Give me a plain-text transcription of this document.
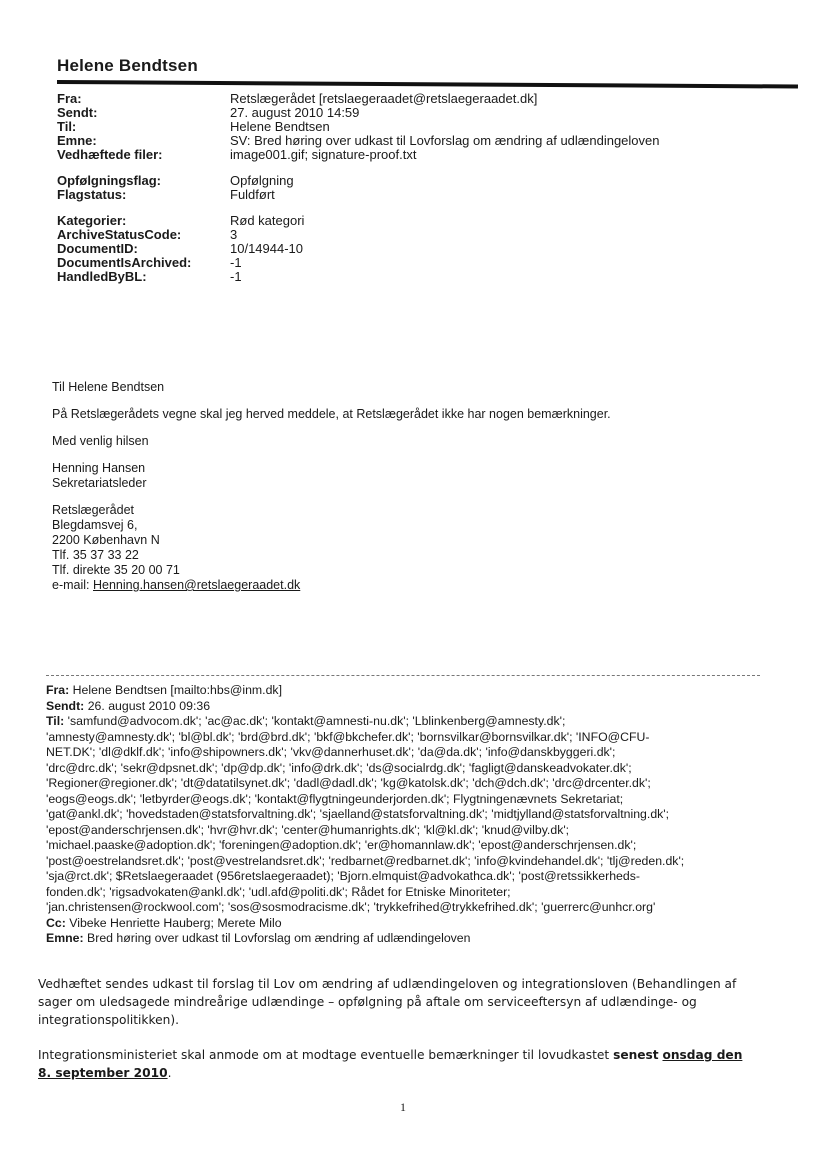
Helene Bendtsen
Fra:	Retslægerådet [retslaegeraadet@retslaegeraadet.dk]
Sendt:	27. august 2010 14:59
Til:	Helene Bendtsen
Emne:	SV: Bred høring over udkast til Lovforslag om ændring af udlændingeloven
Vedhæftede filer:	image001.gif; signature-proof.txt
Opfølgningsflag:	Opfølgning
Flagstatus:	Fuldført
Kategorier:	Rød kategori
ArchiveStatusCode:	3
DocumentID:	10/14944-10
DocumentIsArchived:	-1
HandledByBL:	-1

Til Helene Bendtsen

På Retslægerådets vegne skal jeg herved meddele, at Retslægerådet ikke har nogen bemærkninger.

Med venlig hilsen

Henning Hansen
Sekretariatsleder

Retslægerådet
Blegdamsvej 6,
2200 København N
Tlf. 35 37 33 22
Tlf. direkte 35 20 00 71
e-mail: Henning.hansen@retslaegeraadet.dk

Fra: Helene Bendtsen [mailto:hbs@inm.dk]
Sendt: 26. august 2010 09:36
Til: 'samfund@advocom.dk'; 'ac@ac.dk'; 'kontakt@amnesti-nu.dk'; 'Lblinkenberg@amnesty.dk';
'amnesty@amnesty.dk'; 'bl@bl.dk'; 'brd@brd.dk'; 'bkf@bkchefer.dk'; 'bornsvilkar@bornsvilkar.dk'; 'INFO@CFU-
NET.DK'; 'dl@dklf.dk'; 'info@shipowners.dk'; 'vkv@dannerhuset.dk'; 'da@da.dk'; 'info@danskbyggeri.dk';
'drc@drc.dk'; 'sekr@dpsnet.dk'; 'dp@dp.dk'; 'info@drk.dk'; 'ds@socialrdg.dk'; 'fagligt@danskeadvokater.dk';
'Regioner@regioner.dk'; 'dt@datatilsynet.dk'; 'dadl@dadl.dk'; 'kg@katolsk.dk'; 'dch@dch.dk'; 'drc@drcenter.dk';
'eogs@eogs.dk'; 'letbyrder@eogs.dk'; 'kontakt@flygtningeunderjorden.dk'; Flygtningenævnets Sekretariat;
'gat@ankl.dk'; 'hovedstaden@statsforvaltning.dk'; 'sjaelland@statsforvaltning.dk'; 'midtjylland@statsforvaltning.dk';
'epost@anderschrjensen.dk'; 'hvr@hvr.dk'; 'center@humanrights.dk'; 'kl@kl.dk'; 'knud@vilby.dk';
'michael.paaske@adoption.dk'; 'foreningen@adoption.dk'; 'er@homannlaw.dk'; 'epost@anderschrjensen.dk';
'post@oestrelandsret.dk'; 'post@vestrelandsret.dk'; 'redbarnet@redbarnet.dk'; 'info@kvindehandel.dk'; 'tlj@reden.dk';
'sja@rct.dk'; $Retslaegeraadet (956retslaegeraadet); 'Bjorn.elmquist@advokathca.dk'; 'post@retssikkerheds-
fonden.dk'; 'rigsadvokaten@ankl.dk'; 'udl.afd@politi.dk'; Rådet for Etniske Minoriteter;
'jan.christensen@rockwool.com'; 'sos@sosmodracisme.dk'; 'trykkefrihed@trykkefrihed.dk'; 'guerrerc@unhcr.org'
Cc: Vibeke Henriette Hauberg; Merete Milo
Emne: Bred høring over udkast til Lovforslag om ændring af udlændingeloven

Vedhæftet sendes udkast til forslag til Lov om ændring af udlændingeloven og integrationsloven (Behandlingen af sager om uledsagede mindreårige udlændinge – opfølgning på aftale om serviceeftersyn af udlændinge- og integrationspolitikken).

Integrationsministeriet skal anmode om at modtage eventuelle bemærkninger til lovudkastet senest onsdag den 8. september 2010.

1
